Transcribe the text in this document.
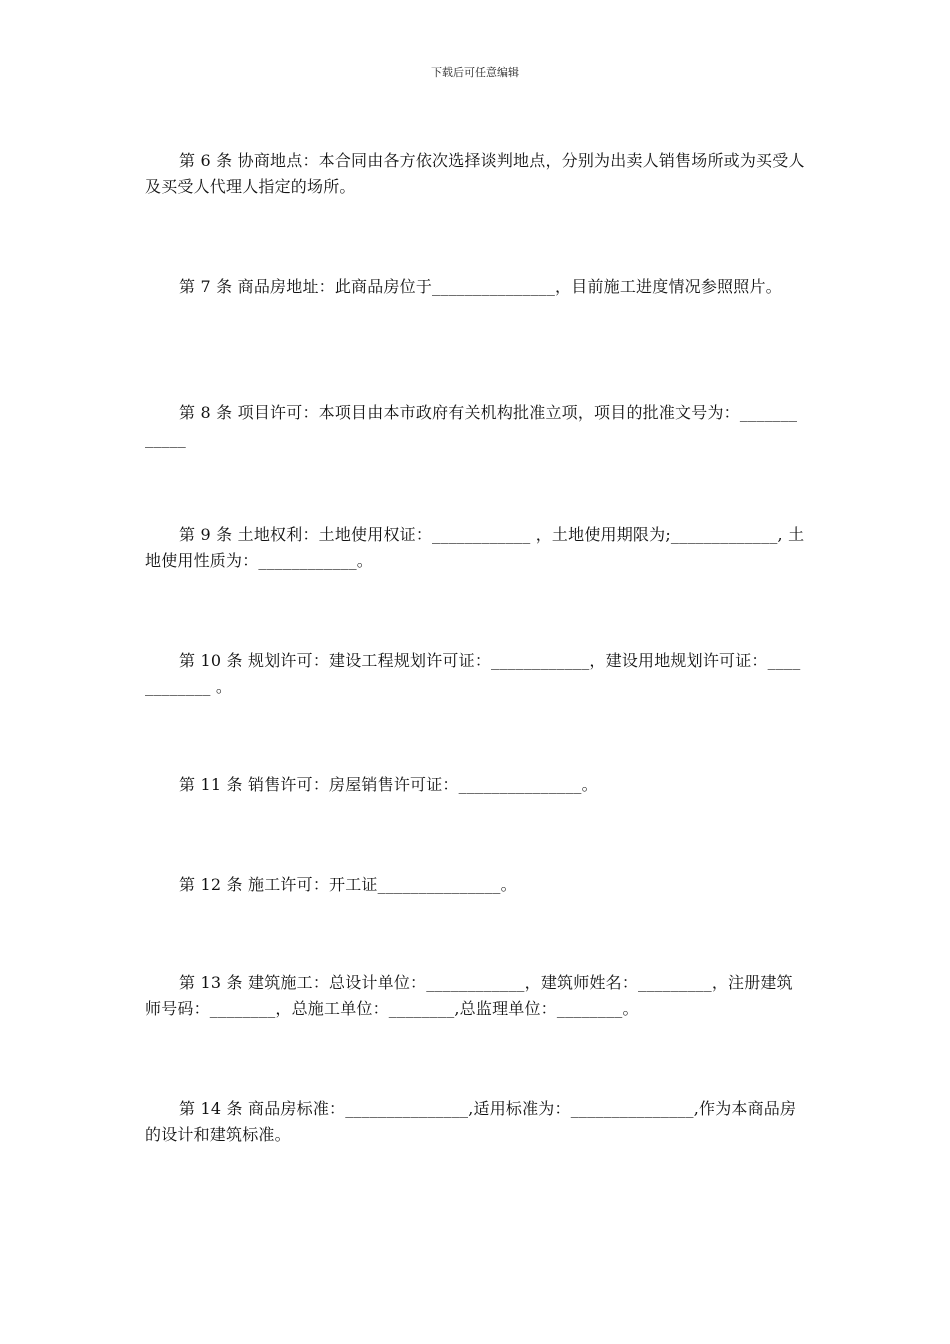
下载后可任意编辑

第 6 条 协商地点：本合同由各方依次选择谈判地点，分别为出卖人销售场所或为买受人及买受人代理人指定的场所。

第 7 条 商品房地址：此商品房位于_______________，目前施工进度情况参照照片。

第 8 条 项目许可：本项目由本市政府有关机构批准立项，项目的批准文号为：____________

第 9 条 土地权利：土地使用权证：____________ ，土地使用期限为;_____________, 土地使用性质为：____________。

第 10 条 规划许可：建设工程规划许可证：____________，建设用地规划许可证：____________ 。

第 11 条 销售许可：房屋销售许可证：_______________。

第 12 条 施工许可：开工证_______________。

第 13 条 建筑施工：总设计单位：____________，建筑师姓名：_________，注册建筑师号码：________，总施工单位：________,总监理单位：________。

第 14 条 商品房标准：_______________,适用标准为：_______________,作为本商品房的设计和建筑标准。
